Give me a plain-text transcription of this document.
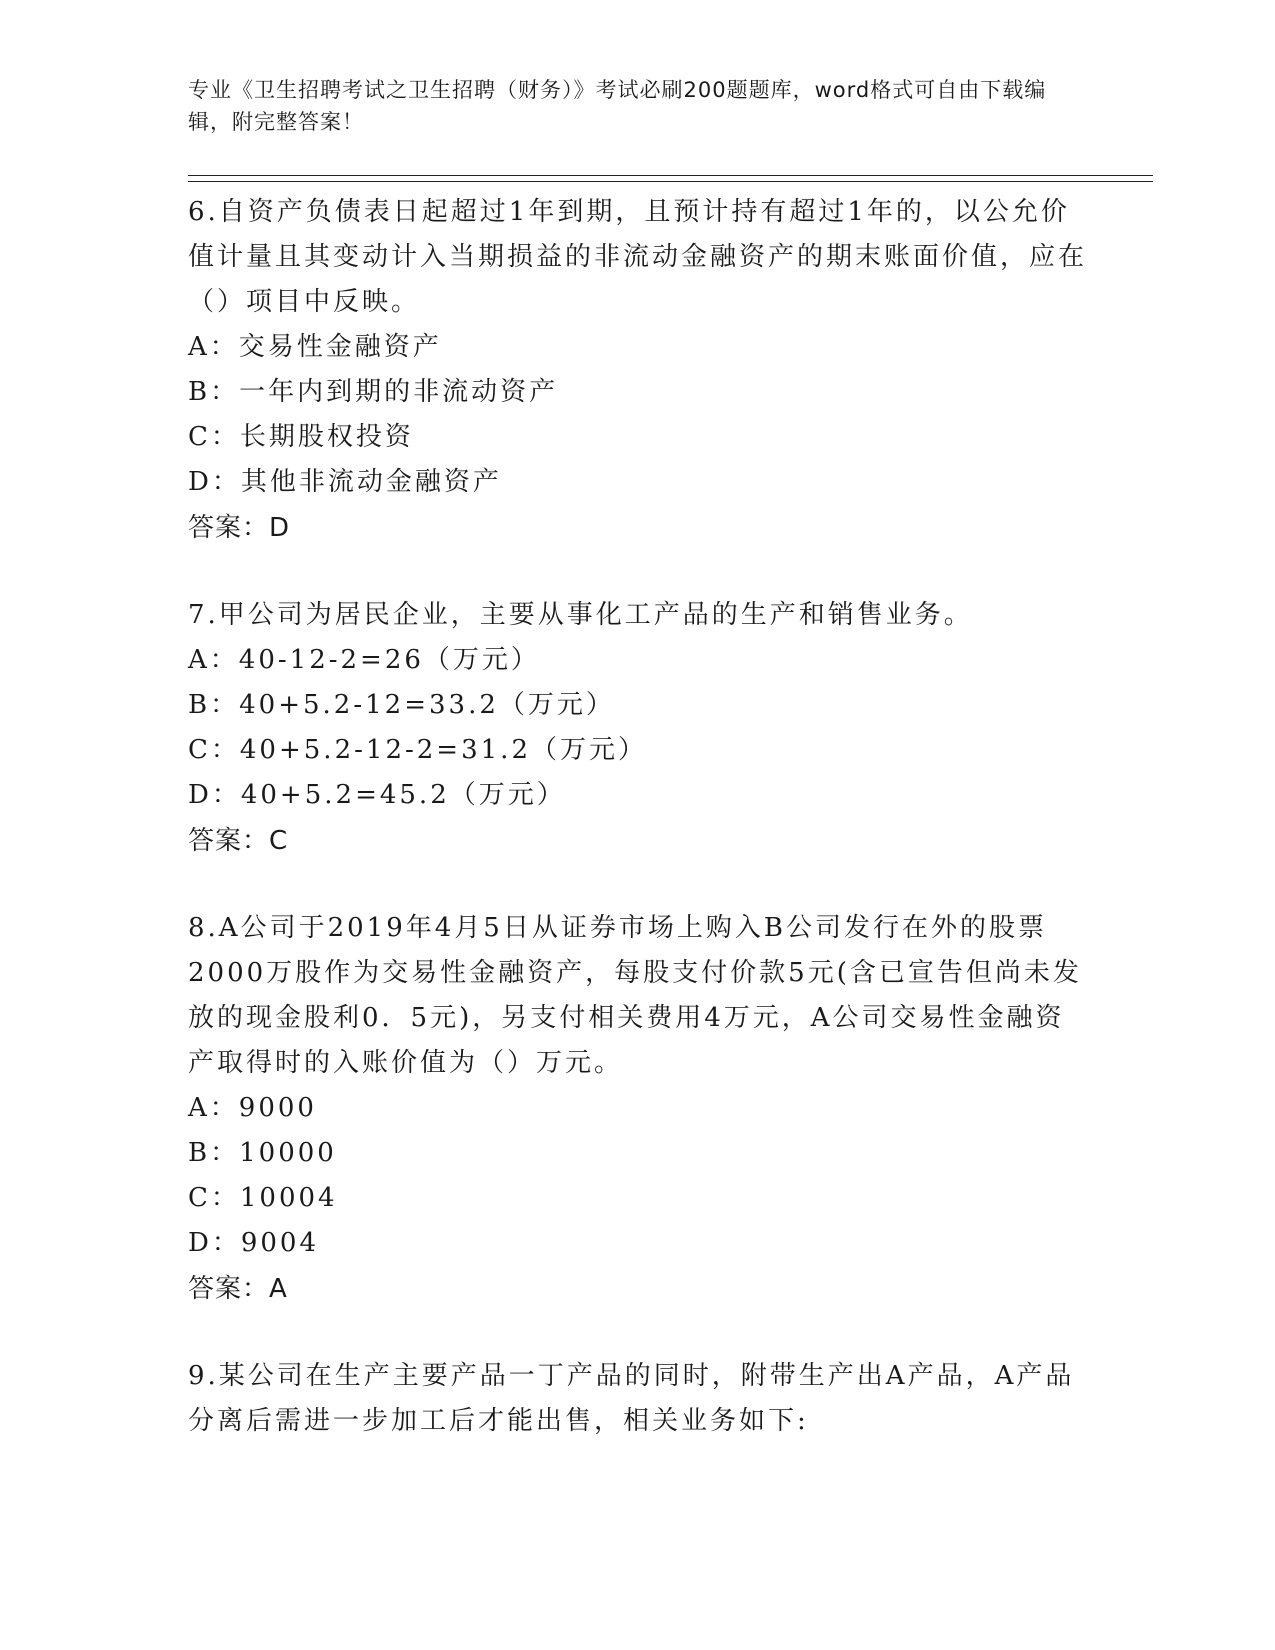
专业《卫生招聘考试之卫生招聘（财务）》考试必刷200题题库，word格式可自由下载编辑，附完整答案！

6.自资产负债表日起超过1年到期，且预计持有超过1年的，以公允价值计量且其变动计入当期损益的非流动金融资产的期末账面价值，应在（）项目中反映。

A：交易性金融资产

B：一年内到期的非流动资产

C：长期股权投资

D：其他非流动金融资产

答案：D

7.甲公司为居民企业，主要从事化工产品的生产和销售业务。

A：40-12-2=26（万元）

B：40+5.2-12=33.2（万元）

C：40+5.2-12-2=31.2（万元）

D：40+5.2=45.2（万元）

答案：C

8.A公司于2019年4月5日从证券市场上购入B公司发行在外的股票2000万股作为交易性金融资产，每股支付价款5元(含已宣告但尚未发放的现金股利0．5元)，另支付相关费用4万元，A公司交易性金融资产取得时的入账价值为（）万元。

A：9000

B：10000

C：10004

D：9004

答案：A

9.某公司在生产主要产品一丁产品的同时，附带生产出A产品，A产品分离后需进一步加工后才能出售，相关业务如下:
